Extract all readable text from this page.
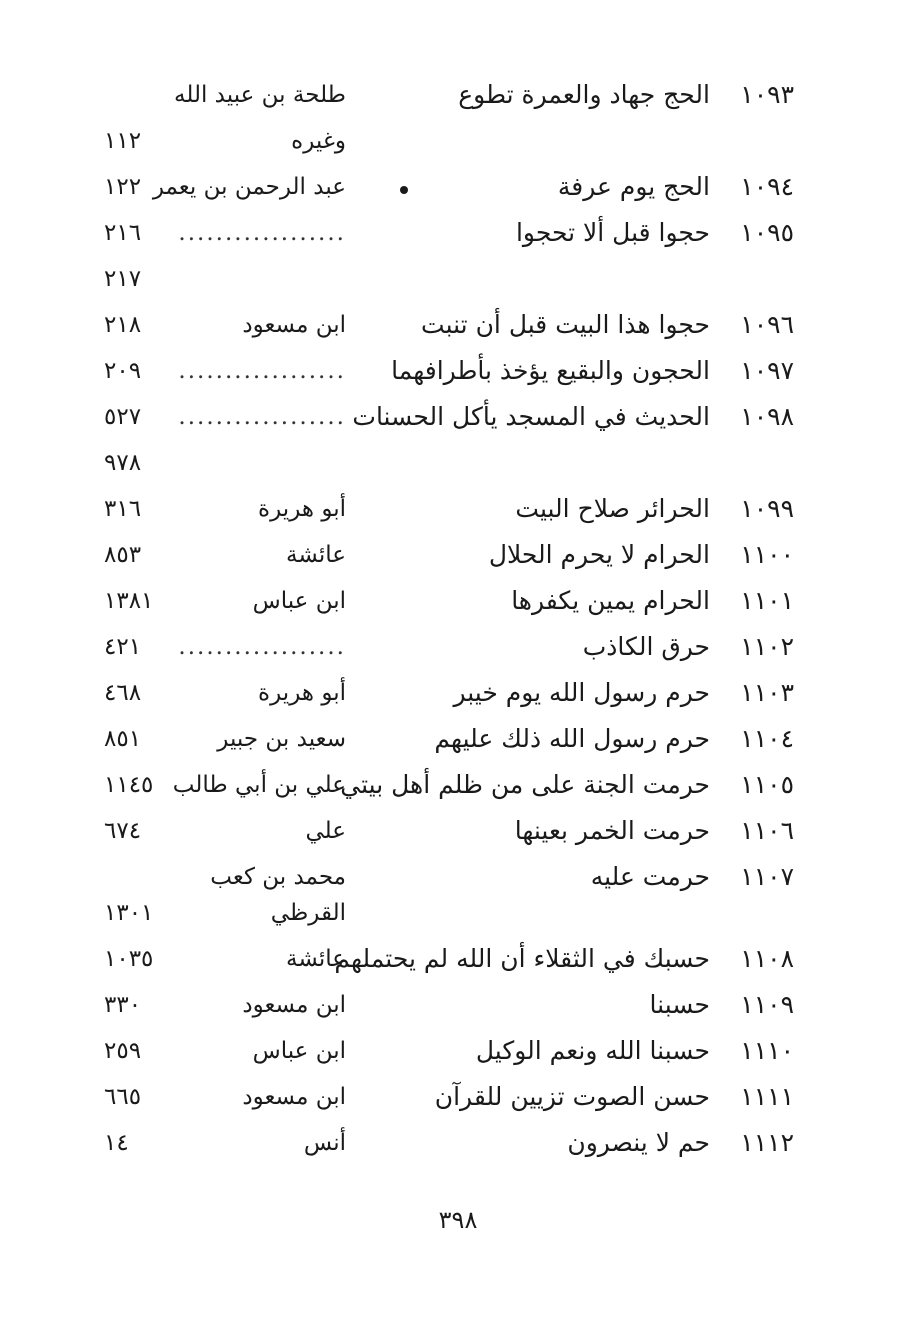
١٠٩٣
الحج جهاد والعمرة تطوع
طلحة بن عبيد الله
وغيره
١١٢
١٠٩٤
الحج يوم عرفة
عبد الرحمن بن يعمر
١٢٢
١٠٩٥
حجوا قبل ألا تحجوا
..................
٢١٦
٢١٧
١٠٩٦
حجوا هذا البيت قبل أن تنبت
ابن مسعود
٢١٨
١٠٩٧
الحجون والبقيع يؤخذ بأطرافهما
..................
٢٠٩
١٠٩٨
الحديث في المسجد يأكل الحسنات
..................
٥٢٧
٩٧٨
١٠٩٩
الحرائر صلاح البيت
أبو هريرة
٣١٦
١١٠٠
الحرام لا يحرم الحلال
عائشة
٨٥٣
١١٠١
الحرام يمين يكفرها
ابن عباس
١٣٨١
١١٠٢
حرق الكاذب
..................
٤٢١
١١٠٣
حرم رسول الله يوم خيبر
أبو هريرة
٤٦٨
١١٠٤
حرم رسول الله ذلك عليهم
سعيد بن جبير
٨٥١
١١٠٥
حرمت الجنة على من ظلم أهل بيتي
علي بن أبي طالب
١١٤٥
١١٠٦
حرمت الخمر بعينها
علي
٦٧٤
١١٠٧
حرمت عليه
محمد بن كعب
القرظي
١٣٠١
١١٠٨
حسبك في الثقلاء أن الله لم يحتملهم
عائشة
١٠٣٥
١١٠٩
حسبنا
ابن مسعود
٣٣٠
١١١٠
حسبنا الله ونعم الوكيل
ابن عباس
٢٥٩
١١١١
حسن الصوت تزيين للقرآن
ابن مسعود
٦٦٥
١١١٢
حم لا ينصرون
أنس
١٤
٣٩٨
